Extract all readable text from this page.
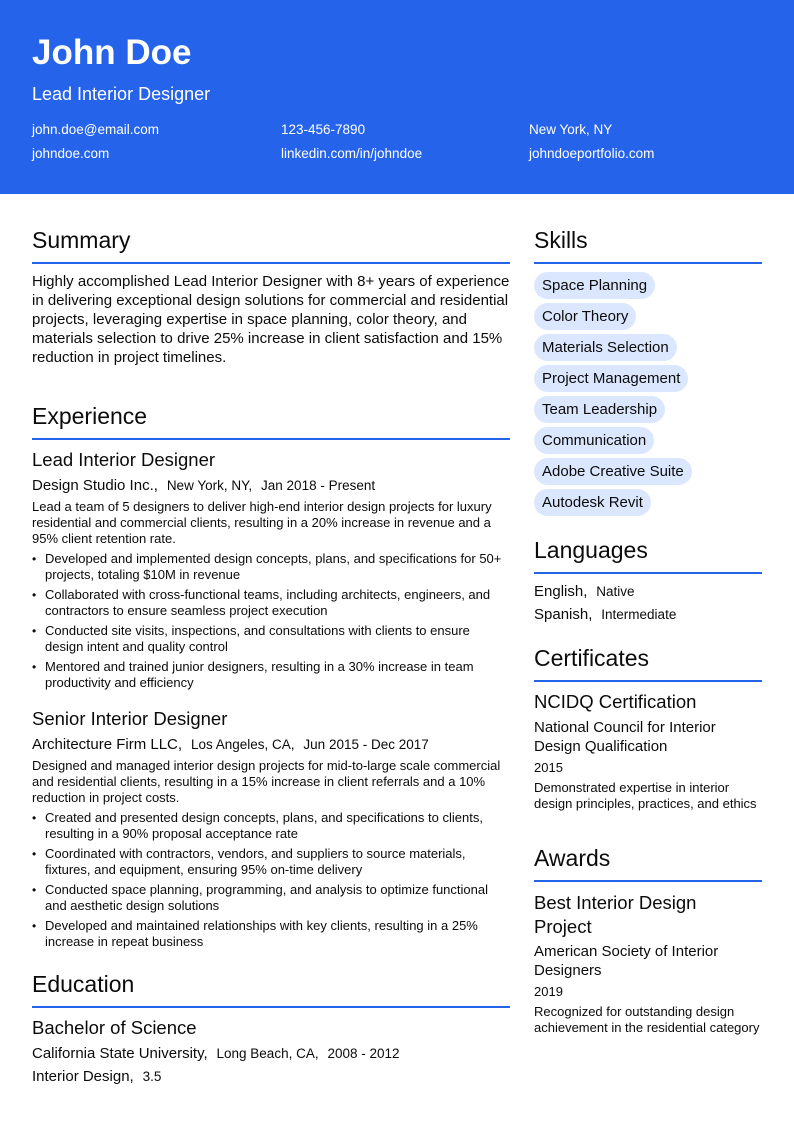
John Doe
Lead Interior Designer
john.doe@email.com	123-456-7890	New York, NY
johndoe.com	linkedin.com/in/johndoe	johndoeportfolio.com
Summary
Highly accomplished Lead Interior Designer with 8+ years of experience in delivering exceptional design solutions for commercial and residential projects, leveraging expertise in space planning, color theory, and materials selection to drive 25% increase in client satisfaction and 15% reduction in project timelines.
Experience
Lead Interior Designer
Design Studio Inc., New York, NY, Jan 2018 - Present
Lead a team of 5 designers to deliver high-end interior design projects for luxury residential and commercial clients, resulting in a 20% increase in revenue and a 95% client retention rate.
• Developed and implemented design concepts, plans, and specifications for 50+ projects, totaling $10M in revenue
• Collaborated with cross-functional teams, including architects, engineers, and contractors to ensure seamless project execution
• Conducted site visits, inspections, and consultations with clients to ensure design intent and quality control
• Mentored and trained junior designers, resulting in a 30% increase in team productivity and efficiency
Senior Interior Designer
Architecture Firm LLC, Los Angeles, CA, Jun 2015 - Dec 2017
Designed and managed interior design projects for mid-to-large scale commercial and residential clients, resulting in a 15% increase in client referrals and a 10% reduction in project costs.
• Created and presented design concepts, plans, and specifications to clients, resulting in a 90% proposal acceptance rate
• Coordinated with contractors, vendors, and suppliers to source materials, fixtures, and equipment, ensuring 95% on-time delivery
• Conducted space planning, programming, and analysis to optimize functional and aesthetic design solutions
• Developed and maintained relationships with key clients, resulting in a 25% increase in repeat business
Education
Bachelor of Science
California State University, Long Beach, CA, 2008 - 2012
Interior Design, 3.5
Skills
Space Planning
Color Theory
Materials Selection
Project Management
Team Leadership
Communication
Adobe Creative Suite
Autodesk Revit
Languages
English, Native
Spanish, Intermediate
Certificates
NCIDQ Certification
National Council for Interior Design Qualification
2015
Demonstrated expertise in interior design principles, practices, and ethics
Awards
Best Interior Design Project
American Society of Interior Designers
2019
Recognized for outstanding design achievement in the residential category
